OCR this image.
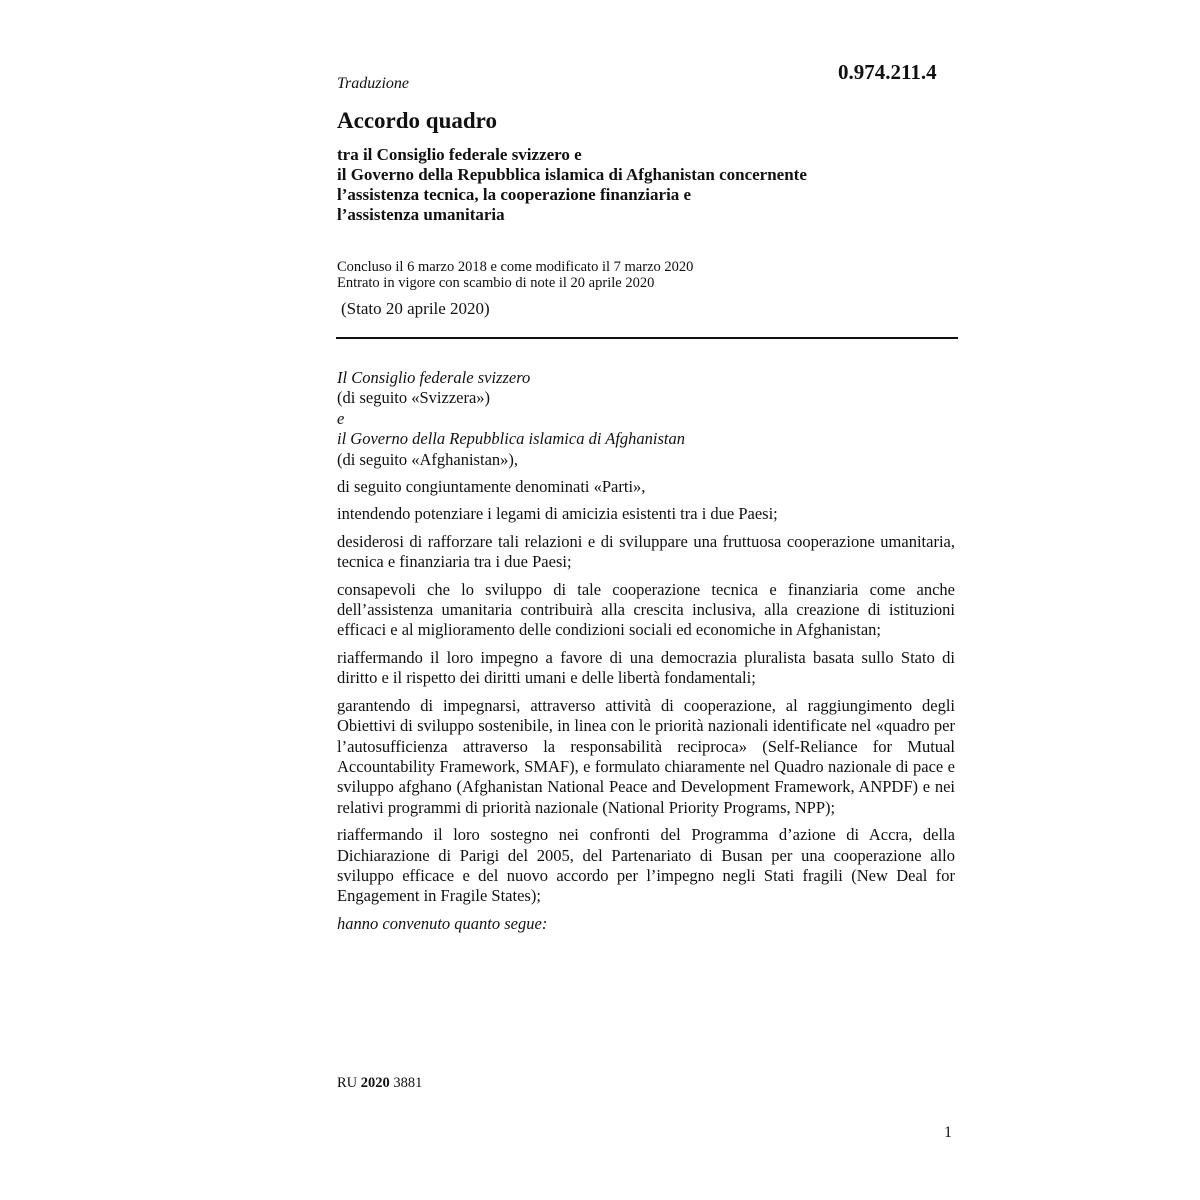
Traduzione	0.974.211.4
Accordo quadro
tra il Consiglio federale svizzero e
il Governo della Repubblica islamica di Afghanistan concernente
l’assistenza tecnica, la cooperazione finanziaria e
l’assistenza umanitaria
Concluso il 6 marzo 2018 e come modificato il 7 marzo 2020
Entrato in vigore con scambio di note il 20 aprile 2020
(Stato 20 aprile 2020)

Il Consiglio federale svizzero
(di seguito «Svizzera»)
e
il Governo della Repubblica islamica di Afghanistan
(di seguito «Afghanistan»),

di seguito congiuntamente denominati «Parti»,

intendendo potenziare i legami di amicizia esistenti tra i due Paesi;

desiderosi di rafforzare tali relazioni e di sviluppare una fruttuosa cooperazione umanitaria, tecnica e finanziaria tra i due Paesi;

consapevoli che lo sviluppo di tale cooperazione tecnica e finanziaria come anche dell’assistenza umanitaria contribuirà alla crescita inclusiva, alla creazione di istituzioni efficaci e al miglioramento delle condizioni sociali ed economiche in Afghanistan;

riaffermando il loro impegno a favore di una democrazia pluralista basata sullo Stato di diritto e il rispetto dei diritti umani e delle libertà fondamentali;

garantendo di impegnarsi, attraverso attività di cooperazione, al raggiungimento degli Obiettivi di sviluppo sostenibile, in linea con le priorità nazionali identificate nel «quadro per l’autosufficienza attraverso la responsabilità reciproca» (Self-Reliance for Mutual Accountability Framework, SMAF), e formulato chiaramente nel Quadro nazionale di pace e sviluppo afghano (Afghanistan National Peace and Development Framework, ANPDF) e nei relativi programmi di priorità nazionale (National Priority Programs, NPP);

riaffermando il loro sostegno nei confronti del Programma d’azione di Accra, della Dichiarazione di Parigi del 2005, del Partenariato di Busan per una cooperazione allo sviluppo efficace e del nuovo accordo per l’impegno negli Stati fragili (New Deal for Engagement in Fragile States);

hanno convenuto quanto segue:

RU 2020 3881
1
